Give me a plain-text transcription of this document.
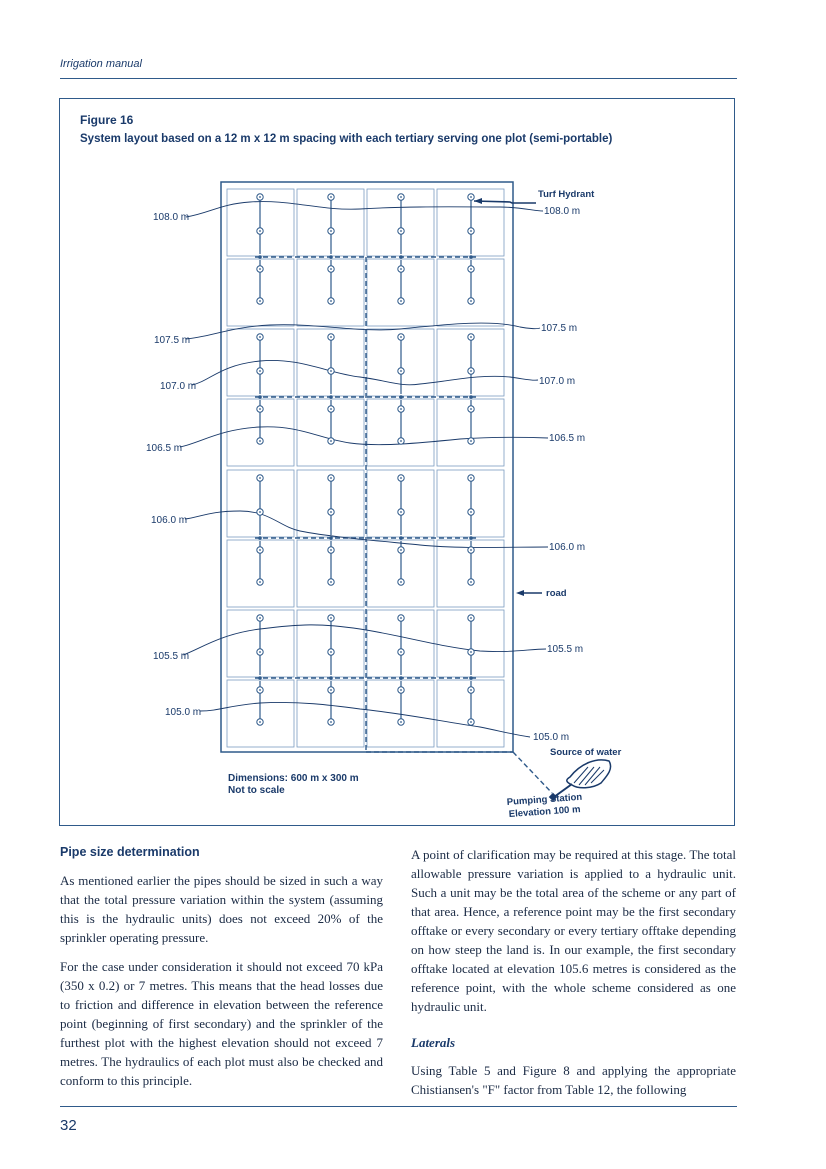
Irrigation manual
Figure 16
System layout based on a 12 m x 12 m spacing with each tertiary serving one plot (semi-portable)
108.0 m
107.5 m
107.0 m
106.5 m
106.0 m
105.5 m
105.0 m
108.0 m
107.5 m
107.0 m
106.5 m
106.0 m
105.5 m
105.0 m
Turf Hydrant
road
Source of water
Pumping Station
Elevation 100 m
Dimensions: 600 m x 300 m
Not to scale
Pipe size determination

As mentioned earlier the pipes should be sized in such a way that the total pressure variation within the system (assuming this is the hydraulic units) does not exceed 20% of the sprinkler operating pressure.

For the case under consideration it should not exceed 70 kPa (350 x 0.2) or 7 metres. This means that the head losses due to friction and difference in elevation between the reference point (beginning of first secondary) and the sprinkler of the furthest plot with the highest elevation should not exceed 7 metres. The hydraulics of each plot must also be checked and conform to this principle.

A point of clarification may be required at this stage. The total allowable pressure variation is applied to a hydraulic unit. Such a unit may be the total area of the scheme or any part of that area. Hence, a reference point may be the first secondary offtake or every secondary or every tertiary offtake depending on how steep the land is. In our example, the first secondary offtake located at elevation 105.6 metres is considered as the reference point, with the whole scheme considered as one hydraulic unit.

Laterals

Using Table 5 and Figure 8 and applying the appropriate Chistiansen's "F" factor from Table 12, the following

32
